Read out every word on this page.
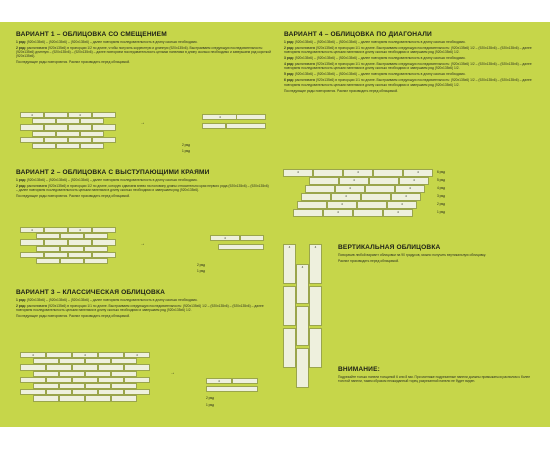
ВАРИАНТ 1 – ОБЛИЦОВКА СО СМЕЩЕНИЕМ

1 ряд: (920х135х6) – (920х135х6) – (920х135х6) – далее повторяем последовательность в длину сколько необходимо.

2 ряд: распиливаем (920х135х6) в пропорции 1/2 по длине, чтобы получить корректную и длинную (920х135х6). Выстраиваем следующую последовательность: (920х135х6) длинную – (920х135х6) – (920х135х6) – далее повторяем последовательность целыми панелями в длину сколько необходимо и завершаем ряд короткой (920х135х6).

Последующие ряды повторяются. Распил производить перед облицовкой.

4	4
→
4
2 ряд
1 ряд
ВАРИАНТ 2 – ОБЛИЦОВКА С ВЫСТУПАЮЩИМИ КРАЯМИ

1 ряд: (920х135х6) – (920х135х6) – (920х135х6) – далее повторяем последовательность в длину сколько необходимо.

2 ряд: распиливаем (920х135х6) в пропорции 1/2 по длине, которую сдвигаем влево на половину длины относительно края первого ряда (920х135х6) – (920х135х6) – далее повторяем последовательность целыми панелями в длину сколько необходимо и завершаем ряд (920х135х6).

Последующие ряды повторяются. Распил производить перед облицовкой.

4	4
→
4
2 ряд
1 ряд
ВАРИАНТ 3 – КЛАССИЧЕСКАЯ ОБЛИЦОВКА

1 ряд: (920х135х6) – (920х135х6) – (920х135х6) – далее повторяем последовательность в длину сколько необходимо.

2 ряд: распиливаем (920х135х6) в пропорции 1/1 по длине. Выстраиваем следующую последовательность: (920х135х6) 1/2 – (920х135х6) – (920х135х6) – далее повторяем последовательность целыми панелями в длину сколько необходимо и завершаем ряд (920х135х6) 1/2.

Последующие ряды повторяются. Распил производить перед облицовкой.

4	4	4
→
4
2 ряд
1 ряд
ВАРИАНТ 4 – ОБЛИЦОВКА ПО ДИАГОНАЛИ

1 ряд: (920х135х6) – (920х135х6) – (920х135х6) – далее повторяем последовательность в длину сколько необходимо.

2 ряд: распиливаем (920х135х6) в пропорции 1/1 по длине. Выстраиваем следующую последовательность: (920х135х6) 1/2 – (920х135х6) – (920х135х6) – далее повторяем последовательность целыми панелями в длину сколько необходимо и завершаем ряд (920х135х6) 1/2.

3 ряд: (920х135х6) – (920х135х6) – (920х135х6) – далее повторяем последовательность в длину сколько необходимо.

4 ряд: распиливаем (920х135х6) в пропорции 1/1 по длине. Выстраиваем следующую последовательность: (920х135х6) 1/2 – (920х135х6) – (920х135х6) – далее повторяем последовательность целыми панелями в длину сколько необходимо и завершаем ряд (920х135х6) 1/2.

5 ряд: (920х135х6) – (920х135х6) – (920х135х6) – далее повторяем последовательность в длину сколько необходимо.

6 ряд: распиливаем (920х135х6) в пропорции 1/1 по длине. Выстраиваем следующую последовательность: (920х135х6) 1/2 – (920х135х6) – (920х135х6) – далее повторяем последовательность целыми панелями в длину сколько необходимо и завершаем ряд (920х135х6) 1/2.

Последующие ряды повторяются. Распил производить перед облицовкой.

4	4	4
4	4
4	4
4	4
4	4
4	4
6 ряд
5 ряд
4 ряд
3 ряд
2 ряд
1 ряд
4
4
4	ВЕРТИКАЛЬНАЯ ОБЛИЦОВКА

Поворачив любой вариант облицовки на 90 градусов, можно получить вертикальную облицовку.

Распил производить перед облицовкой.

ВНИМАНИЕ:

Подрезайте только панели толщиной 6 или 8 мм. При монтаже подрезанные панели должны примыкаться распилом к более толстой панели, таким образом неожиданный торец разрезанной панели не будет виден.
